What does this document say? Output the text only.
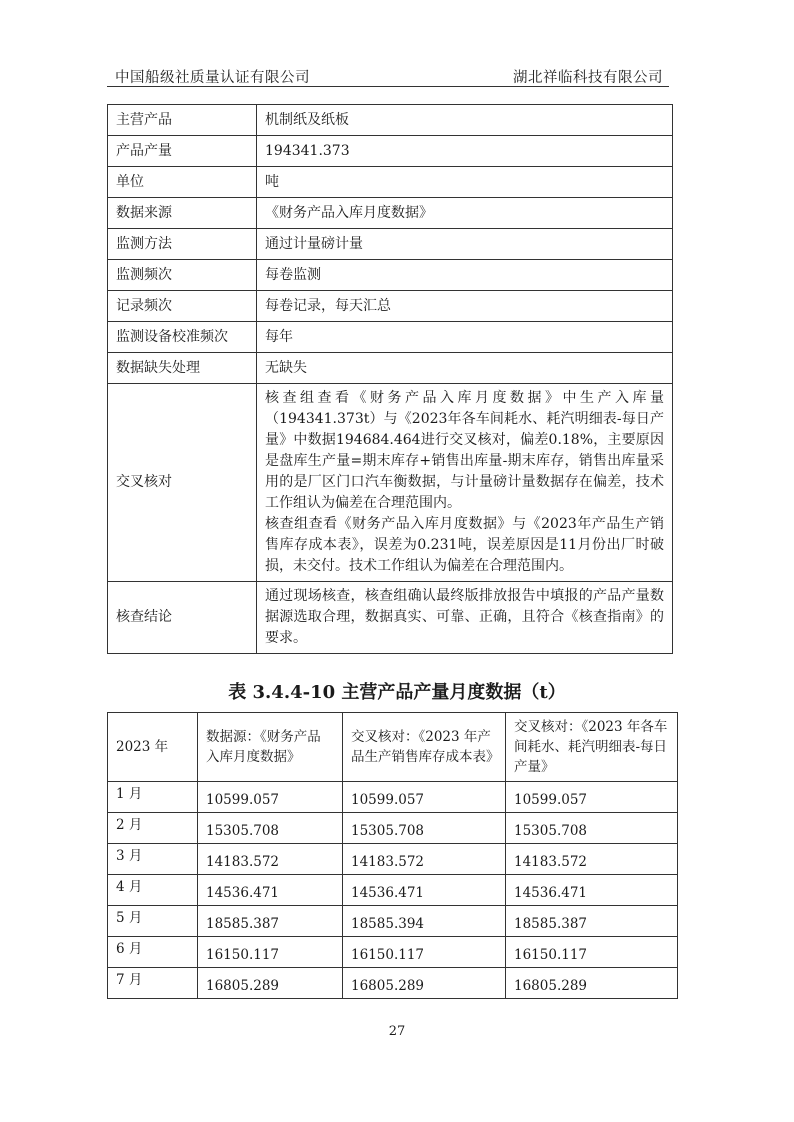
中国船级社质量认证有限公司	湖北祥临科技有限公司
主营产品	机制纸及纸板
产品产量	194341.373
单位	吨
数据来源	《财务产品入库月度数据》
监测方法	通过计量磅计量
监测频次	每卷监测
记录频次	每卷记录，每天汇总
监测设备校准频次	每年
数据缺失处理	无缺失
交叉核对	核查组查看《财务产品入库月度数据》中生产入库量（194341.373t）与《2023年各车间耗水、耗汽明细表-每日产量》中数据194684.464进行交叉核对，偏差0.18%，主要原因是盘库生产量=期末库存+销售出库量-期末库存，销售出库量采用的是厂区门口汽车衡数据，与计量磅计量数据存在偏差，技术工作组认为偏差在合理范围内。
核查组查看《财务产品入库月度数据》与《2023年产品生产销售库存成本表》，误差为0.231吨，误差原因是11月份出厂时破损，未交付。技术工作组认为偏差在合理范围内。

核查结论	通过现场核查，核查组确认最终版排放报告中填报的产品产量数据源选取合理，数据真实、可靠、正确，且符合《核查指南》的要求。
表 3.4.4-10 主营产品产量月度数据（t）
2023 年	数据源：《财务产品入库月度数据》	交叉核对：《2023 年产品生产销售库存成本表》	交叉核对：《2023 年各车间耗水、耗汽明细表-每日产量》
1 月	10599.057	10599.057	10599.057
2 月	15305.708	15305.708	15305.708
3 月	14183.572	14183.572	14183.572
4 月	14536.471	14536.471	14536.471
5 月	18585.387	18585.394	18585.387
6 月	16150.117	16150.117	16150.117
7 月	16805.289	16805.289	16805.289
27
